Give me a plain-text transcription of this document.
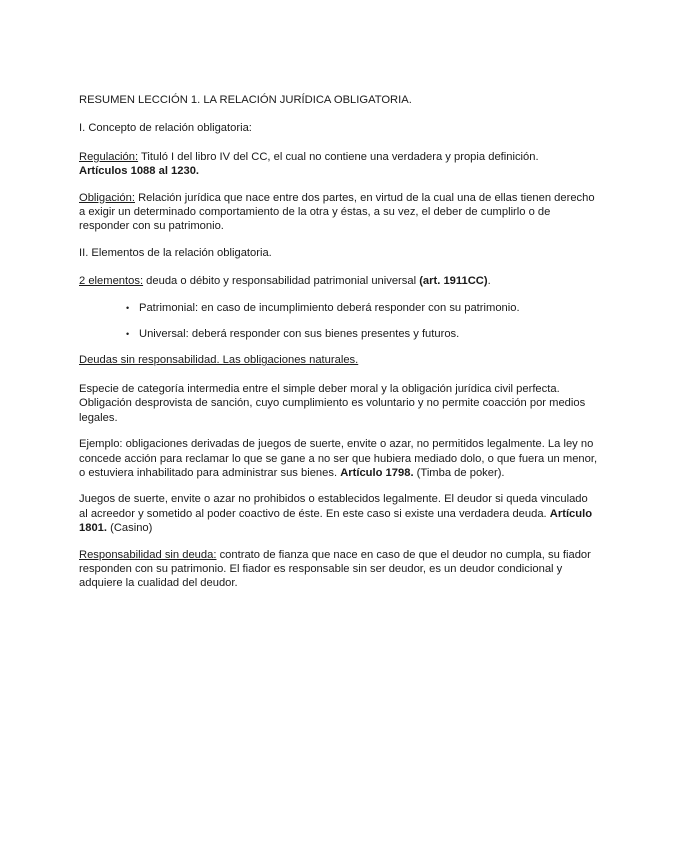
RESUMEN LECCIÓN 1. LA RELACIÓN JURÍDICA OBLIGATORIA.

I. Concepto de relación obligatoria:

Regulación: Tituló I del libro IV del CC, el cual no contiene una verdadera y propia definición.
Artículos 1088 al 1230.

Obligación: Relación jurídica que nace entre dos partes, en virtud de la cual una de ellas tienen derecho a exigir un determinado comportamiento de la otra y éstas, a su vez, el deber de cumplirlo o de responder con su patrimonio.

II. Elementos de la relación obligatoria.

2 elementos: deuda o débito y responsabilidad patrimonial universal (art. 1911CC).

• Patrimonial: en caso de incumplimiento deberá responder con su patrimonio.
• Universal: deberá responder con sus bienes presentes y futuros.

Deudas sin responsabilidad. Las obligaciones naturales.

Especie de categoría intermedia entre el simple deber moral y la obligación jurídica civil perfecta. Obligación desprovista de sanción, cuyo cumplimiento es voluntario y no permite coacción por medios legales.

Ejemplo: obligaciones derivadas de juegos de suerte, envite o azar, no permitidos legalmente. La ley no concede acción para reclamar lo que se gane a no ser que hubiera mediado dolo, o que fuera un menor, o estuviera inhabilitado para administrar sus bienes. Artículo 1798. (Timba de poker).

Juegos de suerte, envite o azar no prohibidos o establecidos legalmente. El deudor si queda vinculado al acreedor y sometido al poder coactivo de éste. En este caso si existe una verdadera deuda. Artículo 1801. (Casino)

Responsabilidad sin deuda: contrato de fianza que nace en caso de que el deudor no cumpla, su fiador responden con su patrimonio. El fiador es responsable sin ser deudor, es un deudor condicional y adquiere la cualidad del deudor.
